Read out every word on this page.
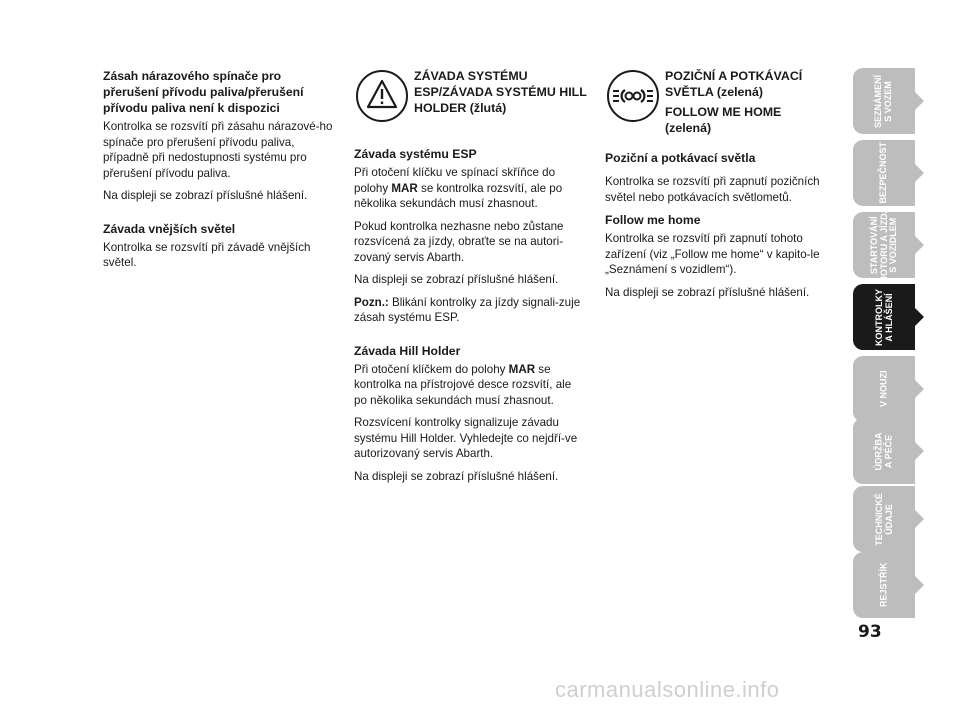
Zásah nárazového spínače pro přerušení přívodu paliva/přerušení přívodu paliva není k dispozici

Kontrolka se rozsvítí při zásahu nárazové-ho spínače pro přerušení přívodu paliva, případně při nedostupnosti systému pro přerušení přívodu paliva.

Na displeji se zobrazí příslušné hlášení.

Závada vnějších světel

Kontrolka se rozsvítí při závadě vnějších světel.

ZÁVADA SYSTÉMU ESP/ZÁVADA SYSTÉMU HILL HOLDER (žlutá)
Závada systému ESP

Při otočení klíčku ve spínací skříňce do polohy MAR se kontrolka rozsvítí, ale po několika sekundách musí zhasnout.

Pokud kontrolka nezhasne nebo zůstane rozsvícená za jízdy, obraťte se na autori-zovaný servis Abarth.

Na displeji se zobrazí příslušné hlášení.

Pozn.: Blikání kontrolky za jízdy signali-zuje zásah systému ESP.

Závada Hill Holder

Při otočení klíčkem do polohy MAR se kontrolka na přístrojové desce rozsvítí, ale po několika sekundách musí zhasnout.

Rozsvícení kontrolky signalizuje závadu systému Hill Holder. Vyhledejte co nejdří-ve autorizovaný servis Abarth.

Na displeji se zobrazí příslušné hlášení.

POZIČNÍ A POTKÁVACÍ SVĚTLA (zelená)
FOLLOW ME HOME
(zelená)
Poziční a potkávací světla

Kontrolka se rozsvítí při zapnutí pozičních světel nebo potkávacích světlometů.

Follow me home

Kontrolka se rozsvítí při zapnutí tohoto zařízení (viz „Follow me home“ v kapito-le „Seznámení s vozidlem“).

Na displeji se zobrazí příslušné hlášení.

SEZNÁMENÍ
S VOZEM
BEZPEČNOST
STARTOVÁNÍ
MOTORU A JÍZDA
S VOZIDLEM
KONTROLKY
A HLÁŠENÍ
V NOUZI
ÚDRŽBA
A PÉČE
TECHNICKÉ
ÚDAJE
REJSTŘÍK
93
carmanualsonline.info
